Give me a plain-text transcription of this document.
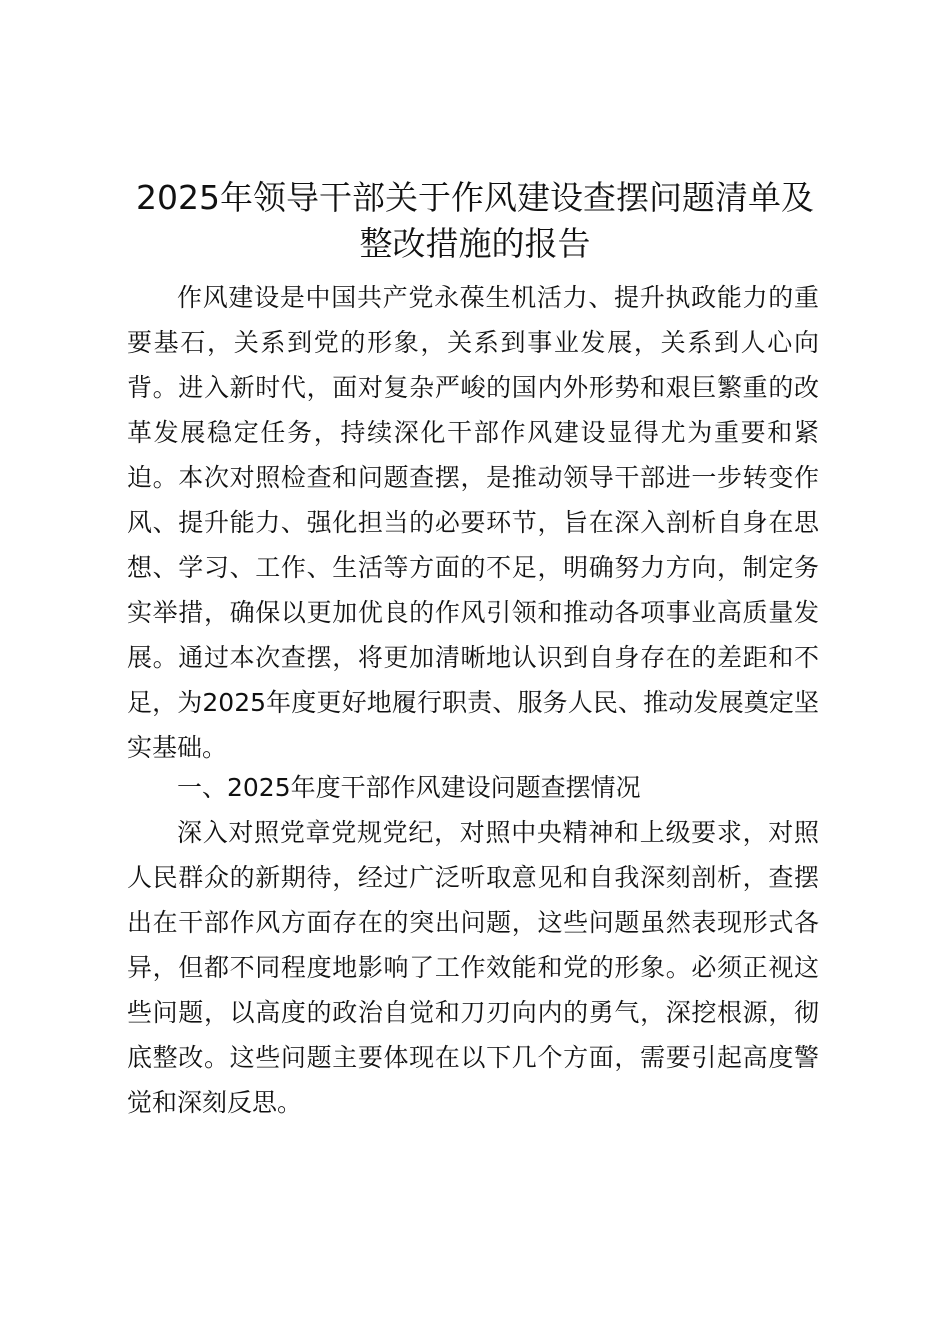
2025年领导干部关于作风建设查摆问题清单及整改措施的报告

作风建设是中国共产党永葆生机活力、提升执政能力的重要基石，关系到党的形象，关系到事业发展，关系到人心向背。进入新时代，面对复杂严峻的国内外形势和艰巨繁重的改革发展稳定任务，持续深化干部作风建设显得尤为重要和紧迫。本次对照检查和问题查摆，是推动领导干部进一步转变作风、提升能力、强化担当的必要环节，旨在深入剖析自身在思想、学习、工作、生活等方面的不足，明确努力方向，制定务实举措，确保以更加优良的作风引领和推动各项事业高质量发展。通过本次查摆，将更加清晰地认识到自身存在的差距和不足，为2025年度更好地履行职责、服务人民、推动发展奠定坚实基础。

一、2025年度干部作风建设问题查摆情况

深入对照党章党规党纪，对照中央精神和上级要求，对照人民群众的新期待，经过广泛听取意见和自我深刻剖析，查摆出在干部作风方面存在的突出问题，这些问题虽然表现形式各异，但都不同程度地影响了工作效能和党的形象。必须正视这些问题，以高度的政治自觉和刀刃向内的勇气，深挖根源，彻底整改。这些问题主要体现在以下几个方面，需要引起高度警觉和深刻反思。
